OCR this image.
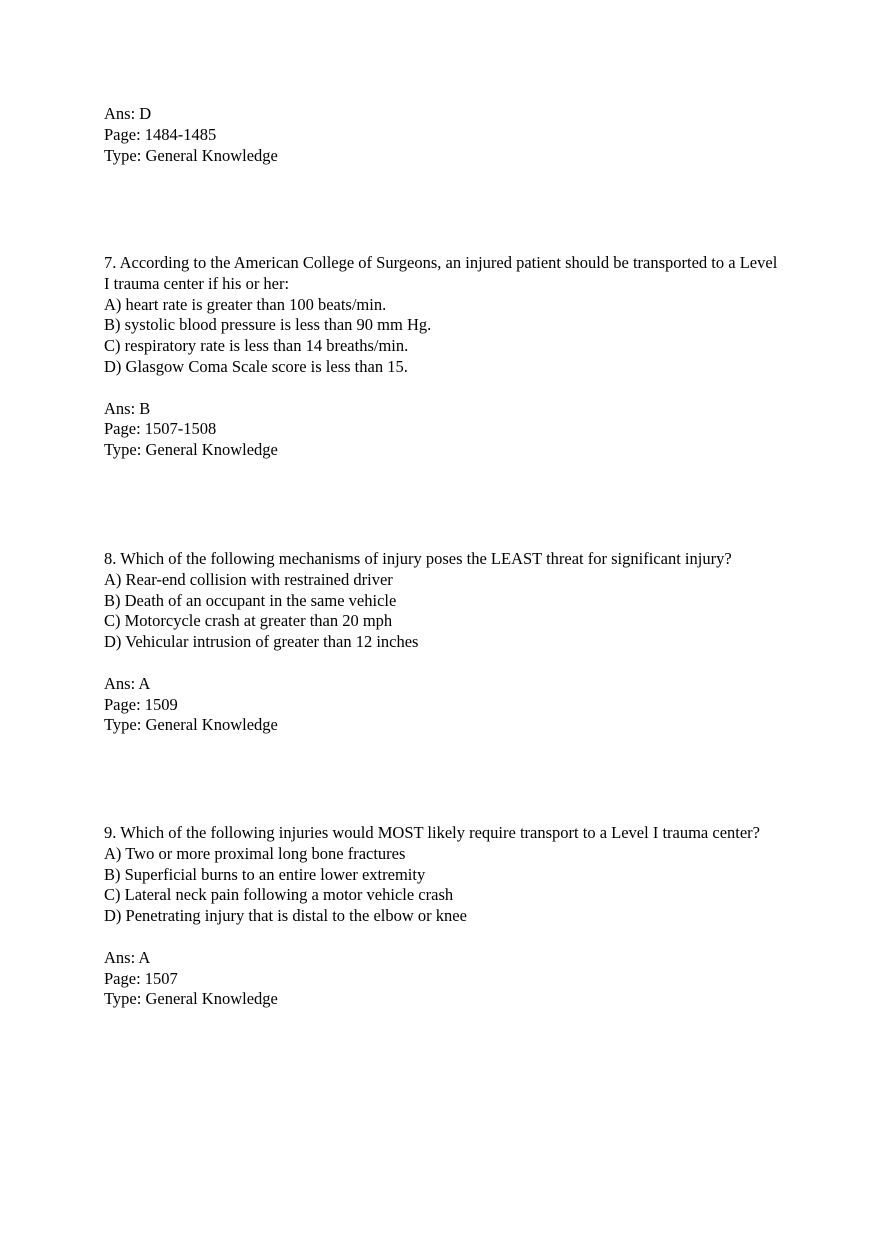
Ans: D
Page: 1484-1485
Type: General Knowledge
7. According to the American College of Surgeons, an injured patient should be transported to a Level I trauma center if his or her:
A) heart rate is greater than 100 beats/min.
B) systolic blood pressure is less than 90 mm Hg.
C) respiratory rate is less than 14 breaths/min.
D) Glasgow Coma Scale score is less than 15.
Ans: B
Page: 1507-1508
Type: General Knowledge
8. Which of the following mechanisms of injury poses the LEAST threat for significant injury?
A) Rear-end collision with restrained driver
B) Death of an occupant in the same vehicle
C) Motorcycle crash at greater than 20 mph
D) Vehicular intrusion of greater than 12 inches
Ans: A
Page: 1509
Type: General Knowledge
9. Which of the following injuries would MOST likely require transport to a Level I trauma center?
A) Two or more proximal long bone fractures
B) Superficial burns to an entire lower extremity
C) Lateral neck pain following a motor vehicle crash
D) Penetrating injury that is distal to the elbow or knee
Ans: A
Page: 1507
Type: General Knowledge
